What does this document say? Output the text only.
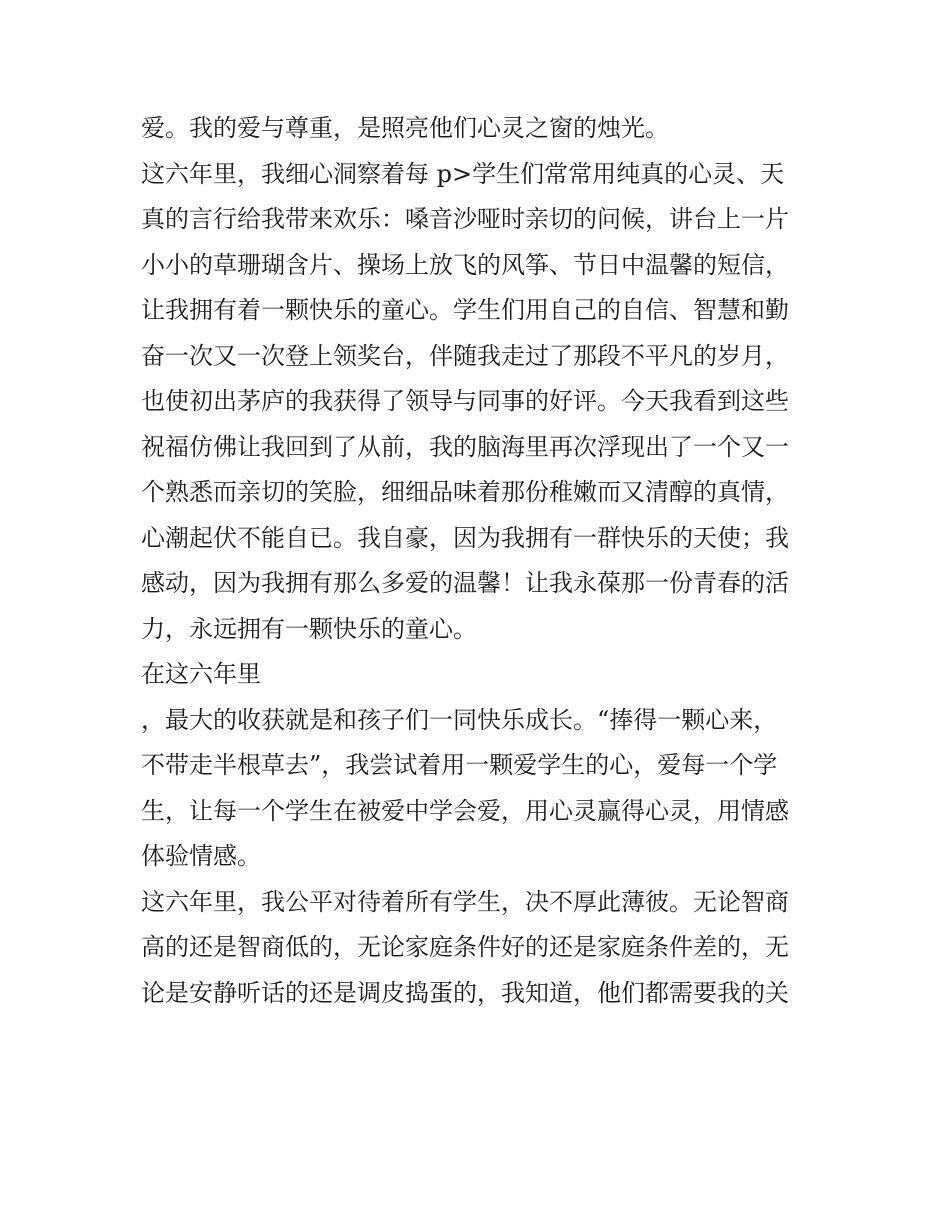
爱。我的爱与尊重，是照亮他们心灵之窗的烛光。
这六年里，我细心洞察着每 p>学生们常常用纯真的心灵、天
真的言行给我带来欢乐：嗓音沙哑时亲切的问候，讲台上一片
小小的草珊瑚含片、操场上放飞的风筝、节日中温馨的短信，
让我拥有着一颗快乐的童心。学生们用自己的自信、智慧和勤
奋一次又一次登上领奖台，伴随我走过了那段不平凡的岁月，
也使初出茅庐的我获得了领导与同事的好评。今天我看到这些
祝福仿佛让我回到了从前，我的脑海里再次浮现出了一个又一
个熟悉而亲切的笑脸，细细品味着那份稚嫩而又清醇的真情，
心潮起伏不能自已。我自豪，因为我拥有一群快乐的天使；我
感动，因为我拥有那么多爱的温馨！让我永葆那一份青春的活
力，永远拥有一颗快乐的童心。
在这六年里
，最大的收获就是和孩子们一同快乐成长。“捧得一颗心来，
不带走半根草去”，我尝试着用一颗爱学生的心，爱每一个学
生，让每一个学生在被爱中学会爱，用心灵赢得心灵，用情感
体验情感。
这六年里，我公平对待着所有学生，决不厚此薄彼。无论智商
高的还是智商低的，无论家庭条件好的还是家庭条件差的，无
论是安静听话的还是调皮捣蛋的，我知道，他们都需要我的关
